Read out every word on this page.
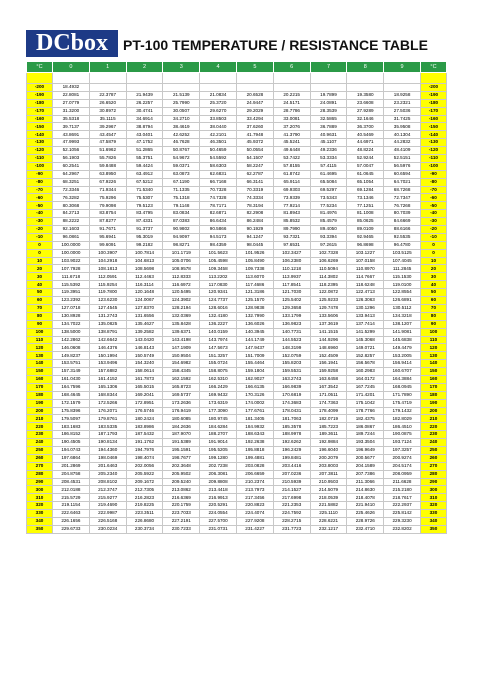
DCbox	PT-100 TEMPERATURE / RESISTANCE TABLE
°C	0	1	2	3	4	5	6	7	8	9	°C

-200	18.4932										-200
-190	22.8081	22.3787	21.9439	21.5139	21.0834	20.6528	20.2215	19.7899	19.3580	18.9258	-190
-180	27.0779	26.6520	26.2257	25.7990	25.3720	24.9447	24.5171	24.0891	23.6608	23.2321	-180
-170	31.3200	30.8972	30.4741	30.0507	29.6270	29.2029	28.7786	28.3539	27.9289	27.5036	-170
-160	35.5318	35.1115	34.6914	34.2710	33.8503	33.4294	33.0081	32.5865	32.1646	31.7425	-160
-150	39.7137	39.2967	38.8794	38.4619	38.0440	37.6260	37.2076	36.7889	36.3700	35.9508	-150
-140	43.8691	43.4547	43.0401	42.6252	42.2101	41.7948	41.3790	40.9631	40.5469	40.1304	-140
-130	47.9993	47.5879	47.1752	46.7628	46.3501	45.9372	45.5241	45.1107	44.6971	44.2832	-130
-120	52.1056	51.6962	51.2865	50.8767	50.4659	50.0554	49.6448	49.2336	48.8224	48.4109	-120
-110	56.1903	55.7826	55.3751	54.9672	54.5592	54.1507	53.7422	53.3334	52.9244	52.5151	-110
-100	60.2541	59.8488	59.4424	59.0371	58.6303	58.2247	57.8155	57.4115	57.0047	56.5976	-100
-90	64.2967	63.8950	63.4912	63.0873	62.6831	62.2787	61.8742	61.4695	61.0645	60.6594	-90
-80	68.3251	67.9226	67.5212	67.1190	66.7168	66.3141	65.9114	65.5084	65.1054	64.7021	-80
-70	72.3346	71.9344	71.5340	71.1335	70.7328	70.3319	69.9303	69.5297	69.1284	68.7268	-70
-60	76.3282	75.9296	75.5307	75.1318	74.7328	74.3334	73.9339	73.5343	73.1346	72.7347	-60
-50	80.3068	79.9098	79.5123	79.1148	78.7171	78.3194	77.9214	77.5234	77.1251	76.7268	-50
-40	84.2713	83.8754	83.4795	83.0834	82.6871	82.2908	81.8943	81.4976	81.1008	80.7039	-40
-30	88.2222	87.8277	87.4331	87.0383	86.6434	86.2484	85.8532	85.4579	85.0625	84.6669	-30
-20	92.1603	91.7671	91.3737	90.9802	90.5866	90.1929	89.7990	89.4050	89.0109	88.6166	-20
-10	96.0861	95.6941	95.3019	94.9097	94.5173	94.1247	93.7321	93.3394	92.9465	92.5535	-10
0	100.0000	99.6091	99.2182	98.8271	98.4359	98.0445	97.6531	97.2615	96.8698	96.4780	0
0	100.0000	100.3907	100.7814	101.1719	101.5623	101.9526	102.3427	102.7328	103.1227	103.5125	0
10	103.9022	104.2918	104.6813	105.0706	105.4598	105.8490	106.2380	106.6269	107.0158	107.4045	10
20	107.7928	108.1813	108.5698	108.9578	109.3458	109.7338	110.1218	110.5094	110.8970	111.2845	20
30	111.6718	112.0591	112.4463	112.8333	113.2202	113.6070	113.9937	114.3802	114.7667	115.1530	30
40	115.5392	115.9254	116.3114	116.6972	117.0830	117.4686	117.8541	118.2395	118.6248	119.0100	40
50	119.3951	119.7800	120.1648	120.5495	120.9341	121.3186	121.7030	122.0872	122.4713	122.8554	50
60	123.2392	123.6230	124.0067	124.3902	124.7737	125.1570	125.5402	125.9233	126.3063	126.6891	60
70	127.0718	127.4545	127.8370	128.2194	128.6016	128.9838	129.3658	129.7478	130.1296	130.5112	70
80	130.8928	131.2743	131.6556	132.0369	132.4180	132.7990	133.1799	133.5606	133.9413	134.3218	80
90	134.7022	135.0825	135.4627	135.8428	136.2227	136.6026	136.9823	137.3619	137.7414	138.1207	90
100	138.5000	138.8791	139.2582	139.6371	140.0159	140.3945	140.7731	141.1515	141.5299	141.9081	100
110	142.2862	142.6642	143.0420	143.4198	143.7974	144.1749	144.5523	144.9296	145.3068	145.6838	110
120	146.0608	146.4376	146.8143	147.1909	147.5673	147.9437	148.3199	148.6960	149.0721	149.4479	120
130	149.8237	150.1994	150.5749	150.9504	151.3257	151.7009	152.0759	152.4509	152.8257	153.2005	130
140	153.5751	153.9496	154.3240	154.6982	155.0724	155.4464	155.8203	156.1941	156.5678	156.9414	140
150	157.3149	157.6882	158.0614	158.4345	158.8075	159.1804	159.5531	159.9258	160.2983	160.6707	150
160	161.0430	161.4152	161.7873	162.1592	162.5310	162.9027	163.2743	163.6458	164.0172	164.3884	160
170	164.7596	165.1306	165.5015	165.8723	166.2429	166.6135	166.9839	167.3542	167.7245	168.0945	170
180	168.4645	168.8344	169.2041	169.5737	169.9432	170.3126	170.6819	171.0511	171.4201	171.7890	180
190	172.1579	172.5266	172.8951	173.2636	173.6319	174.0002	174.3683	174.7363	175.1042	175.4719	190
200	175.8396	176.2071	176.5746	176.9419	177.3090	177.6761	178.0431	178.4099	178.7766	179.1432	200
210	179.5097	179.8761	180.2424	180.6085	180.9745	181.3405	181.7063	182.0719	182.4375	182.8029	210
220	183.1683	183.5335	183.8986	184.2636	184.6284	184.9932	185.3578	185.7223	186.0867	186.4510	220
230	186.8152	187.1793	187.5432	187.9070	188.2707	188.6343	188.9978	189.3611	189.7244	190.0875	230
240	190.4505	190.8134	191.1762	191.5389	191.9014	192.2638	192.6262	192.9884	193.3504	193.7124	240
250	194.0743	194.4360	194.7976	195.1591	195.5205	195.8818	196.2429	196.6040	196.9649	197.3257	250
260	197.6864	198.0469	198.4074	198.7677	199.1280	199.4881	199.8481	200.2079	200.5677	200.9274	260
270	201.2869	201.6463	202.0056	202.3648	202.7238	203.0828	203.4416	203.8003	204.1589	204.5174	270
280	204.8758	205.2340	205.5922	205.9502	206.3081	206.6659	207.0236	207.3811	207.7386	208.0959	280
290	208.4531	208.8102	209.1672	209.5240	209.8808	210.2374	210.5939	210.9503	211.3066	211.6628	290
300	212.0188	212.3747	212.7305	213.0862	213.4418	213.7973	214.1527	214.5079	214.8630	215.2180	300
310	215.5729	215.9277	216.2823	216.6369	216.9913	217.3456	217.6998	218.0539	218.4078	218.7617	310
320	219.1154	219.4690	219.8225	220.1759	220.5291	220.8823	221.2353	221.5882	221.9410	222.2937	320
330	222.6463	222.9987	223.3511	223.7033	224.0554	224.4074	224.7592	225.1110	225.4626	225.8142	330
340	226.1656	226.5168	226.8680	227.2191	227.5700	227.9208	228.2715	228.6221	228.9726	229.3230	340
350	229.6733	230.0234	230.3734	230.7233	231.0731	231.4227	231.7723	232.1217	232.4710	232.8202	350
